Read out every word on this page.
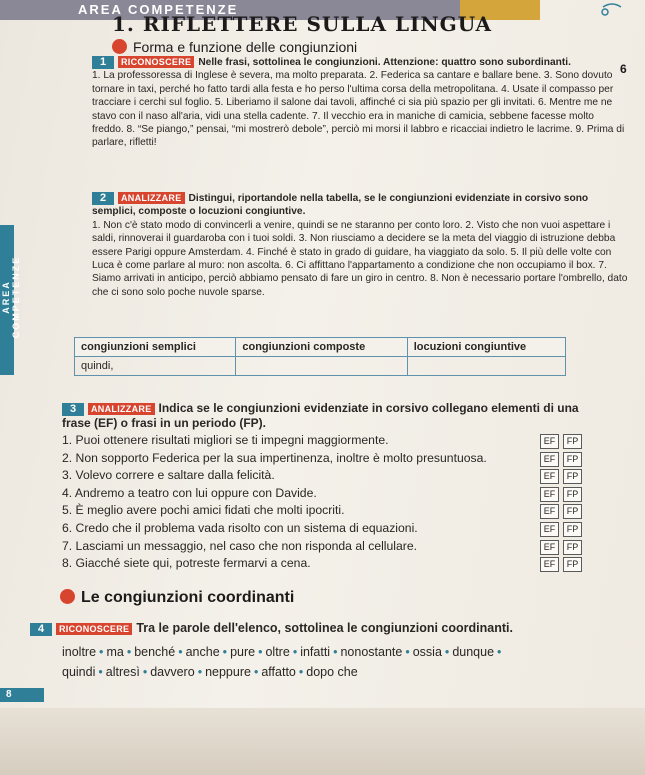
AREA COMPETENZE
AREA COMPETENZE
1. RIFLETTERE SULLA LINGUA
Forma e funzione delle congiunzioni
6
1 RICONOSCERE Nelle frasi, sottolinea le congiunzioni. Attenzione: quattro sono subordinanti.
1. La professoressa di Inglese è severa, ma molto preparata. 2. Federica sa cantare e ballare bene. 3. Sono dovuto tornare in taxi, perché ho fatto tardi alla festa e ho perso l'ultima corsa della metropolitana. 4. Usate il compasso per tracciare i cerchi sul foglio. 5. Liberiamo il salone dai tavoli, affinché ci sia più spazio per gli invitati. 6. Mentre me ne stavo con il naso all'aria, vidi una stella cadente. 7. Il vecchio era in maniche di camicia, sebbene facesse molto freddo. 8. “Se piango,” pensai, “mi mostrerò debole”, perciò mi morsi il labbro e ricacciai indietro le lacrime. 9. Prima di parlare, rifletti!
2 ANALIZZARE Distingui, riportandole nella tabella, se le congiunzioni evidenziate in corsivo sono semplici, composte o locuzioni congiuntive.
1. Non c'è stato modo di convincerli a venire, quindi se ne staranno per conto loro. 2. Visto che non vuoi aspettare i saldi, rinnoverai il guardaroba con i tuoi soldi. 3. Non riusciamo a decidere se la meta del viaggio di istruzione debba essere Parigi oppure Amsterdam. 4. Finché è stato in grado di guidare, ha viaggiato da solo. 5. Il più delle volte con Luca è come parlare al muro: non ascolta. 6. Ci affittano l'appartamento a condizione che non occupiamo il box. 7. Siamo arrivati in anticipo, perciò abbiamo pensato di fare un giro in centro. 8. Non è necessario portare l'ombrello, dato che ci sono solo poche nuvole sparse.
congiunzioni semplici	congiunzioni composte	locuzioni congiuntive
quindi,		
3 ANALIZZARE Indica se le congiunzioni evidenziate in corsivo collegano elementi di una frase (EF) o frasi in un periodo (FP).
1. Puoi ottenere risultati migliori se ti impegni maggiormente.	EF FP
2. Non sopporto Federica per la sua impertinenza, inoltre è molto presuntuosa.	EF FP
3. Volevo correre e saltare dalla felicità.	EF FP
4. Andremo a teatro con lui oppure con Davide.	EF FP
5. È meglio avere pochi amici fidati che molti ipocriti.	EF FP
6. Credo che il problema vada risolto con un sistema di equazioni.	EF FP
7. Lasciami un messaggio, nel caso che non risponda al cellulare.	EF FP
8. Giacché siete qui, potreste fermarvi a cena.	EF FP
Le congiunzioni coordinanti
4 RICONOSCERE Tra le parole dell'elenco, sottolinea le congiunzioni coordinanti.
inoltre • ma • benché • anche • pure • oltre • infatti • nonostante • ossia • dunque •
quindi • altresì • davvero • neppure • affatto • dopo che
8
